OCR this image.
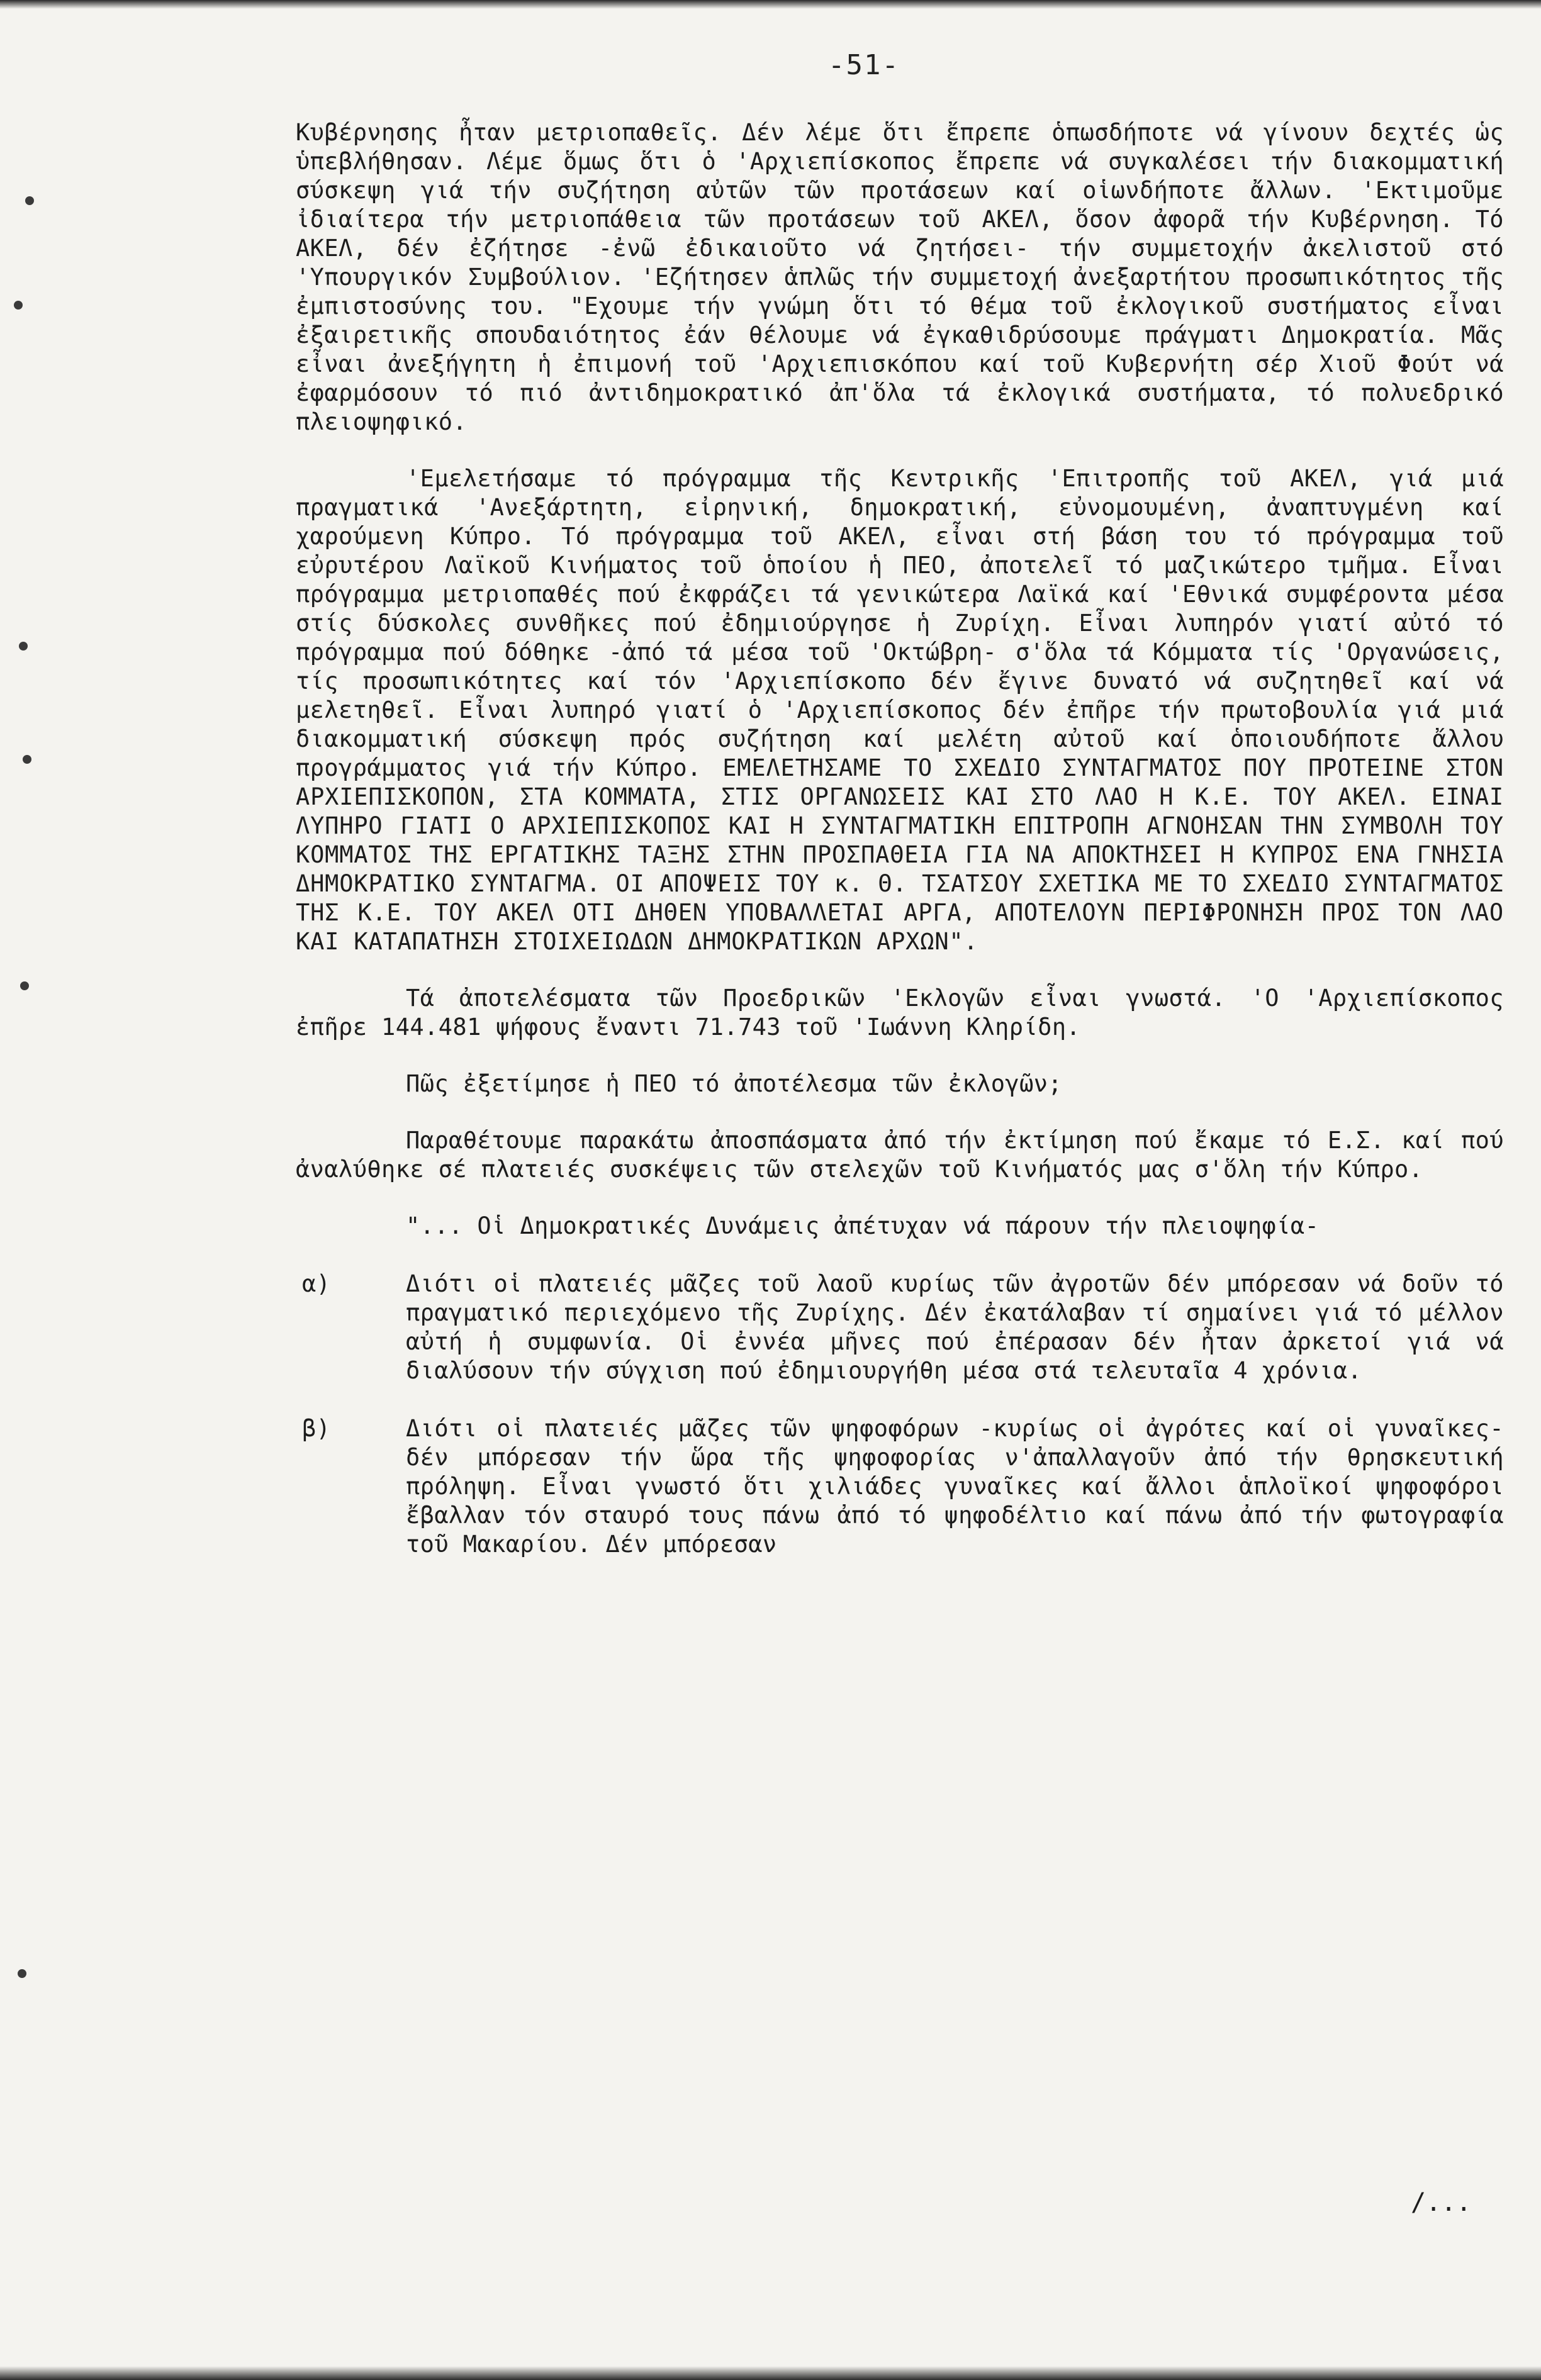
-51-

Κυβέρνησης ἦταν μετριοπαθεῖς. Δέν λέμε ὅτι ἔπρεπε ὁπωσδήποτε νά γίνουν δεχτές ὡς ὑπεβλήθησαν. Λέμε ὅμως ὅτι ὁ 'Αρχιεπίσκοπος ἔπρεπε νά συγκαλέσει τήν διακομματική σύσκεψη γιά τήν συζήτηση αὐτῶν τῶν προτάσεων καί οἱωνδήποτε ἄλλων. 'Εκτιμοῦμε ἰδιαίτερα τήν μετριοπάθεια τῶν προτάσεων τοῦ ΑΚΕΛ, ὅσον ἀφορᾶ τήν Κυβέρνηση. Τό ΑΚΕΛ, δέν ἐζήτησε -ἐνῶ ἐδικαιοῦτο νά ζητήσει- τήν συμμετοχήν ἀκελιστοῦ στό 'Υπουργικόν Συμβούλιον. 'Εζήτησεν ἁπλῶς τήν συμμετοχή ἀνεξαρτήτου προσωπικότητος τῆς ἐμπιστοσύνης του. "Εχουμε τήν γνώμη ὅτι τό θέμα τοῦ ἐκλογικοῦ συστήματος εἶναι ἐξαιρετικῆς σπουδαιότητος ἐάν θέλουμε νά ἐγκαθιδρύσουμε πράγματι Δημοκρατία. Μᾶς εἶναι ἀνεξήγητη ἡ ἐπιμονή τοῦ 'Αρχιεπισκόπου καί τοῦ Κυβερνήτη σέρ Χιοῦ Φούτ νά ἐφαρμόσουν τό πιό ἀντιδημοκρατικό ἀπ'ὅλα τά ἐκλογικά συστήματα, τό πολυεδρικό πλειοψηφικό.

'Εμελετήσαμε τό πρόγραμμα τῆς Κεντρικῆς 'Επιτροπῆς τοῦ ΑΚΕΛ, γιά μιά πραγματικά 'Ανεξάρτητη, εἰρηνική, δημοκρατική, εὐνομουμένη, ἀναπτυγμένη καί χαρούμενη Κύπρο. Τό πρόγραμμα τοῦ ΑΚΕΛ, εἶναι στή βάση του τό πρόγραμμα τοῦ εὐρυτέρου Λαϊκοῦ Κινήματος τοῦ ὁποίου ἡ ΠΕΟ, ἀποτελεῖ τό μαζικώτερο τμῆμα. Εἶναι πρόγραμμα μετριοπαθές πού ἐκφράζει τά γενικώτερα Λαϊκά καί 'Εθνικά συμφέροντα μέσα στίς δύσκολες συνθῆκες πού ἐδημιούργησε ἡ Ζυρίχη. Εἶναι λυπηρόν γιατί αὐτό τό πρόγραμμα πού δόθηκε -ἀπό τά μέσα τοῦ 'Οκτώβρη- σ'ὅλα τά Κόμματα τίς 'Οργανώσεις, τίς προσωπικότητες καί τόν 'Αρχιεπίσκοπο δέν ἔγινε δυνατό νά συζητηθεῖ καί νά μελετηθεῖ. Εἶναι λυπηρό γιατί ὁ 'Αρχιεπίσκοπος δέν ἐπῆρε τήν πρωτοβουλία γιά μιά διακομματική σύσκεψη πρός συζήτηση καί μελέτη αὐτοῦ καί ὁποιουδήποτε ἄλλου προγράμματος γιά τήν Κύπρο. ΕΜΕΛΕΤΗΣΑΜΕ ΤΟ ΣΧΕΔΙΟ ΣΥΝΤΑΓΜΑΤΟΣ ΠΟΥ ΠΡΟΤΕΙΝΕ ΣΤΟΝ ΑΡΧΙΕΠΙΣΚΟΠΟΝ, ΣΤΑ ΚΟΜΜΑΤΑ, ΣΤΙΣ ΟΡΓΑΝΩΣΕΙΣ ΚΑΙ ΣΤΟ ΛΑΟ Η Κ.Ε. ΤΟΥ ΑΚΕΛ. ΕΙΝΑΙ ΛΥΠΗΡΟ ΓΙΑΤΙ Ο ΑΡΧΙΕΠΙΣΚΟΠΟΣ ΚΑΙ Η ΣΥΝΤΑΓΜΑΤΙΚΗ ΕΠΙΤΡΟΠΗ ΑΓΝΟΗΣΑΝ ΤΗΝ ΣΥΜΒΟΛΗ ΤΟΥ ΚΟΜΜΑΤΟΣ ΤΗΣ ΕΡΓΑΤΙΚΗΣ ΤΑΞΗΣ ΣΤΗΝ ΠΡΟΣΠΑΘΕΙΑ ΓΙΑ ΝΑ ΑΠΟΚΤΗΣΕΙ Η ΚΥΠΡΟΣ ΕΝΑ ΓΝΗΣΙΑ ΔΗΜΟΚΡΑΤΙΚΟ ΣΥΝΤΑΓΜΑ. ΟΙ ΑΠΟΨΕΙΣ ΤΟΥ κ. Θ. ΤΣΑΤΣΟΥ ΣΧΕΤΙΚΑ ΜΕ ΤΟ ΣΧΕΔΙΟ ΣΥΝΤΑΓΜΑΤΟΣ ΤΗΣ Κ.Ε. ΤΟΥ ΑΚΕΛ ΟΤΙ ΔΗΘΕΝ ΥΠΟΒΑΛΛΕΤΑΙ ΑΡΓΑ, ΑΠΟΤΕΛΟΥΝ ΠΕΡΙΦΡΟΝΗΣΗ ΠΡΟΣ ΤΟΝ ΛΑΟ ΚΑΙ ΚΑΤΑΠΑΤΗΣΗ ΣΤΟΙΧΕΙΩΔΩΝ ΔΗΜΟΚΡΑΤΙΚΩΝ ΑΡΧΩΝ".

Τά ἀποτελέσματα τῶν Προεδρικῶν 'Εκλογῶν εἶναι γνωστά. 'Ο 'Αρχιεπίσκοπος ἐπῆρε 144.481 ψήφους ἔναντι 71.743 τοῦ 'Ιωάννη Κληρίδη.

Πῶς ἐξετίμησε ἡ ΠΕΟ τό ἀποτέλεσμα τῶν ἐκλογῶν;

Παραθέτουμε παρακάτω ἀποσπάσματα ἀπό τήν ἐκτίμηση πού ἔκαμε τό Ε.Σ. καί πού ἀναλύθηκε σέ πλατειές συσκέψεις τῶν στελεχῶν τοῦ Κινήματός μας σ'ὅλη τήν Κύπρο.

"... Οἱ Δημοκρατικές Δυνάμεις ἀπέτυχαν νά πάρουν τήν πλειοψηφία-

α)	Διότι οἱ πλατειές μᾶζες τοῦ λαοῦ κυρίως τῶν ἀγροτῶν δέν μπόρεσαν νά δοῦν τό πραγματικό περιεχόμενο τῆς Ζυρίχης. Δέν ἐκατάλαβαν τί σημαίνει γιά τό μέλλον αὐτή ἡ συμφωνία. Οἱ ἐννέα μῆνες πού ἐπέρασαν δέν ἦταν ἀρκετοί γιά νά διαλύσουν τήν σύγχιση πού ἐδημιουργήθη μέσα στά τελευταῖα 4 χρόνια.
β)	Διότι οἱ πλατειές μᾶζες τῶν ψηφοφόρων -κυρίως οἱ ἀγρότες καί οἱ γυναῖκες- δέν μπόρεσαν τήν ὥρα τῆς ψηφοφορίας ν'ἀπαλλαγοῦν ἀπό τήν θρησκευτική πρόληψη. Εἶναι γνωστό ὅτι χιλιάδες γυναῖκες καί ἄλλοι ἁπλοϊκοί ψηφοφόροι ἔβαλλαν τόν σταυρό τους πάνω ἀπό τό ψηφοδέλτιο καί πάνω ἀπό τήν φωτογραφία τοῦ Μακαρίου. Δέν μπόρεσαν
/...
